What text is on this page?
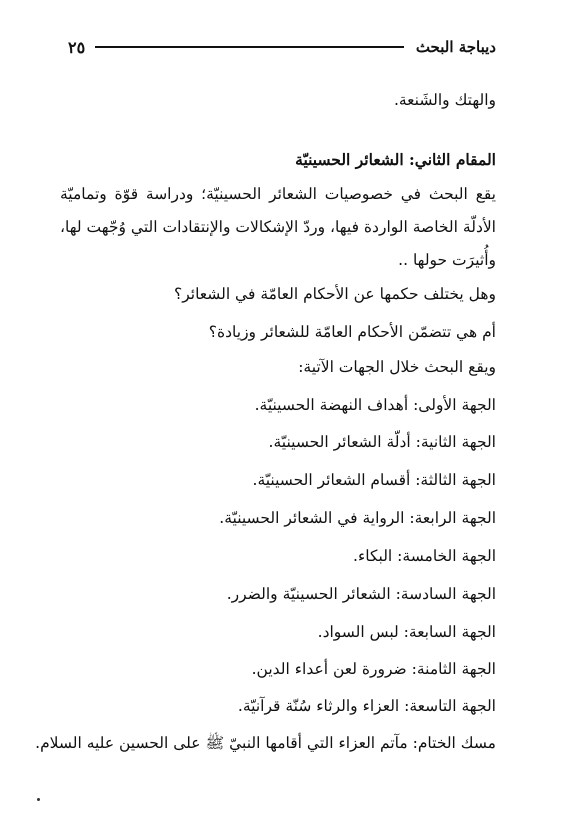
ديباجة البحث
٢٥
والهتك والشَنعة.
المقام الثاني: الشعائر الحسينيّة
يقع البحث في خصوصيات الشعائر الحسينيّة؛ ودراسة قوّة وتماميّة
الأدلّة الخاصة الواردة فيها، وردّ الإشكالات والإنتقادات التي وُجّهت لها،
وأُثيرَت حولها ..
وهل يختلف حكمها عن الأحكام العامّة في الشعائر؟
أم هي تتضمّن الأحكام العامّة للشعائر وزيادة؟
ويقع البحث خلال الجهات الآتية:
الجهة الأولى: أهداف النهضة الحسينيّة.
الجهة الثانية: أدلّة الشعائر الحسينيّة.
الجهة الثالثة: أقسام الشعائر الحسينيّة.
الجهة الرابعة: الرواية في الشعائر الحسينيّة.
الجهة الخامسة: البكاء.
الجهة السادسة: الشعائر الحسينيّة والضرر.
الجهة السابعة: لبس السواد.
الجهة الثامنة: ضرورة لعن أعداء الدين.
الجهة التاسعة: العزاء والرثاء سُنّة قرآنيّة.
مسك الختام: مآتم العزاء التي أقامها النبيّ ﷺ على الحسين عليه السلام.
